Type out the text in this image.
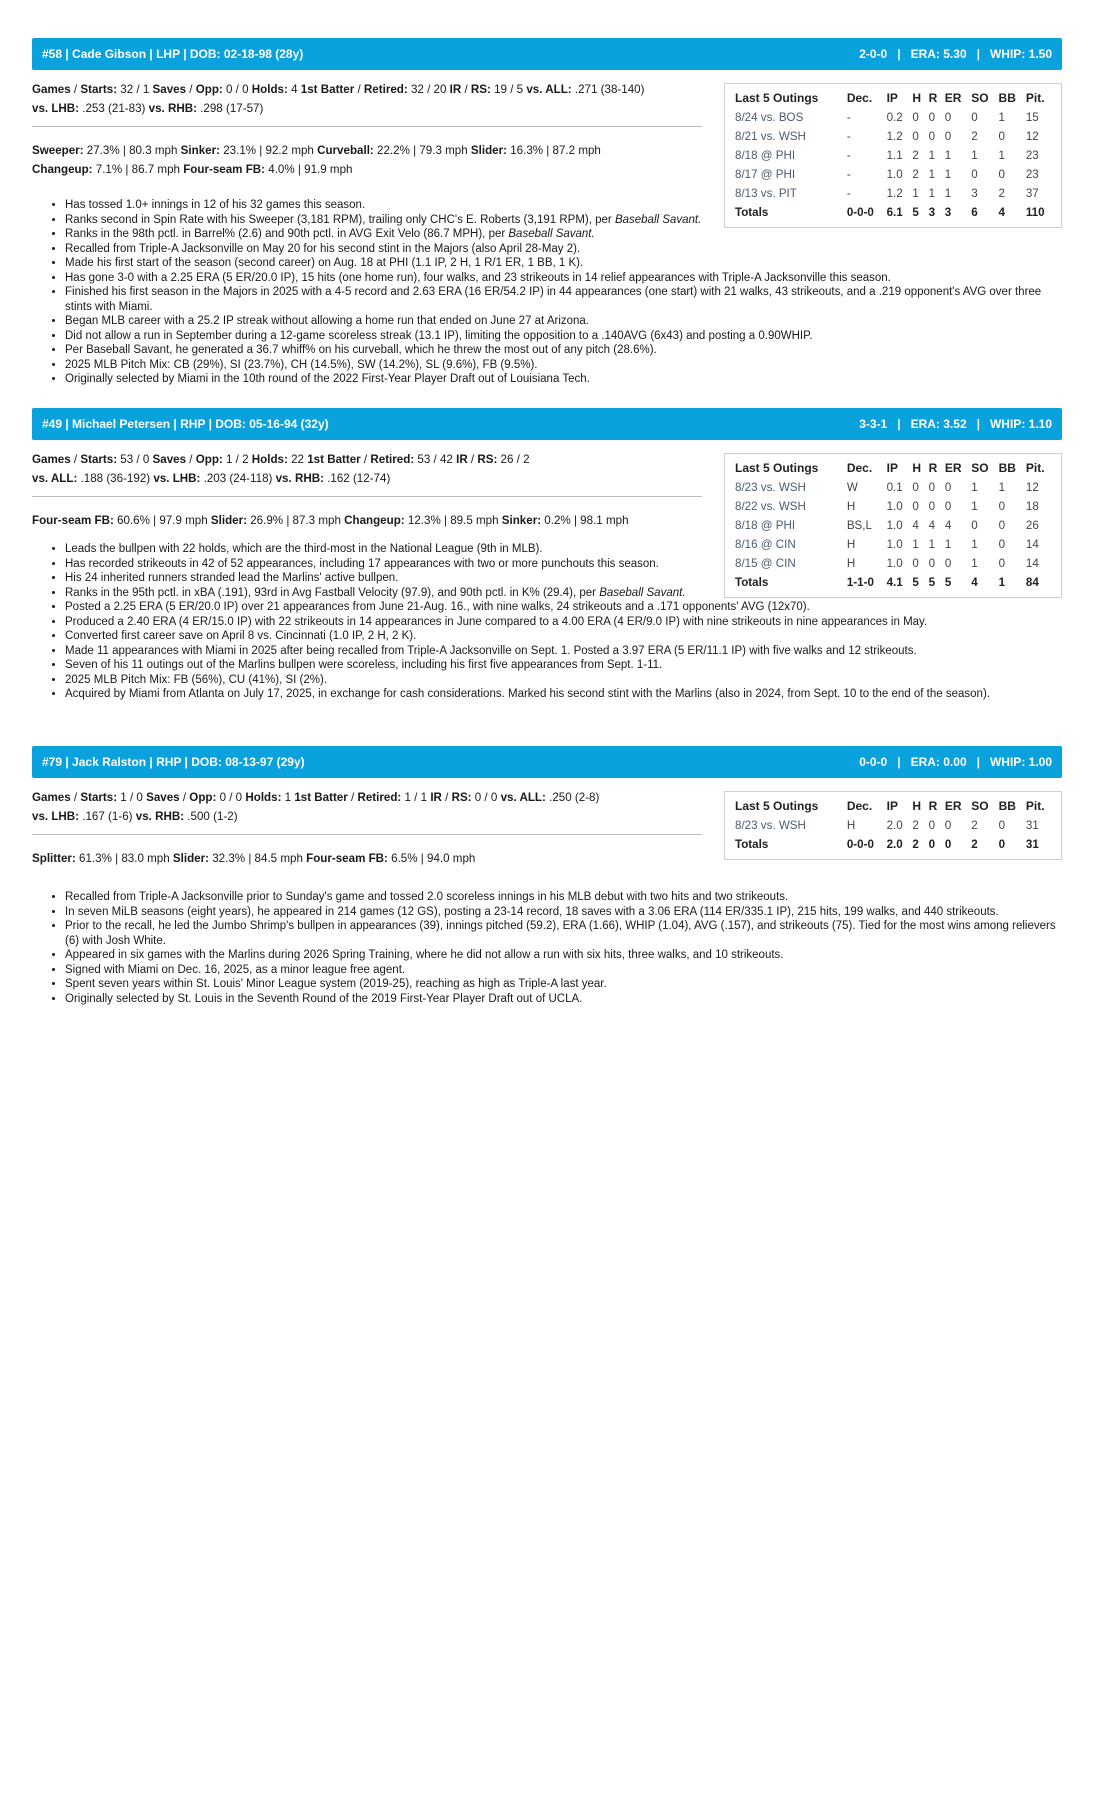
#58 | Cade Gibson | LHP | DOB: 02-18-98 (28y)	2-0-0 | ERA: 5.30 | WHIP: 1.50
Games / Starts: 32 / 1 Saves / Opp: 0 / 0 Holds: 4 1st Batter / Retired: 32 / 20 IR / RS: 19 / 5 vs. ALL: .271 (38-140)
vs. LHB: .253 (21-83) vs. RHB: .298 (17-57)
Sweeper: 27.3% | 80.3 mph Sinker: 23.1% | 92.2 mph Curveball: 22.2% | 79.3 mph Slider: 16.3% | 87.2 mph
Changeup: 7.1% | 86.7 mph Four-seam FB: 4.0% | 91.9 mph
Last 5 Outings	Dec.	IP	H	R	ER	SO	BB	Pit.
8/24 vs. BOS	-	0.2	0	0	0	0	1	15
8/21 vs. WSH	-	1.2	0	0	0	2	0	12
8/18 @ PHI	-	1.1	2	1	1	1	1	23
8/17 @ PHI	-	1.0	2	1	1	0	0	23
8/13 vs. PIT	-	1.2	1	1	1	3	2	37
Totals	0-0-0	6.1	5	3	3	6	4	110
• Has tossed 1.0+ innings in 12 of his 32 games this season.
• Ranks second in Spin Rate with his Sweeper (3,181 RPM), trailing only CHC's E. Roberts (3,191 RPM), per Baseball Savant.
• Ranks in the 98th pctl. in Barrel% (2.6) and 90th pctl. in AVG Exit Velo (86.7 MPH), per Baseball Savant.
• Recalled from Triple-A Jacksonville on May 20 for his second stint in the Majors (also April 28-May 2).
• Made his first start of the season (second career) on Aug. 18 at PHI (1.1 IP, 2 H, 1 R/1 ER, 1 BB, 1 K).
• Has gone 3-0 with a 2.25 ERA (5 ER/20.0 IP), 15 hits (one home run), four walks, and 23 strikeouts in 14 relief appearances with Triple-A Jacksonville this season.
• Finished his first season in the Majors in 2025 with a 4-5 record and 2.63 ERA (16 ER/54.2 IP) in 44 appearances (one start) with 21 walks, 43 strikeouts, and a .219 opponent's AVG over three stints with Miami.
• Began MLB career with a 25.2 IP streak without allowing a home run that ended on June 27 at Arizona.
• Did not allow a run in September during a 12-game scoreless streak (13.1 IP), limiting the opposition to a .140AVG (6x43) and posting a 0.90WHIP.
• Per Baseball Savant, he generated a 36.7 whiff% on his curveball, which he threw the most out of any pitch (28.6%).
• 2025 MLB Pitch Mix: CB (29%), SI (23.7%), CH (14.5%), SW (14.2%), SL (9.6%), FB (9.5%).
• Originally selected by Miami in the 10th round of the 2022 First-Year Player Draft out of Louisiana Tech.
#49 | Michael Petersen | RHP | DOB: 05-16-94 (32y)	3-3-1 | ERA: 3.52 | WHIP: 1.10
Games / Starts: 53 / 0 Saves / Opp: 1 / 2 Holds: 22 1st Batter / Retired: 53 / 42 IR / RS: 26 / 2
vs. ALL: .188 (36-192) vs. LHB: .203 (24-118) vs. RHB: .162 (12-74)
Four-seam FB: 60.6% | 97.9 mph Slider: 26.9% | 87.3 mph Changeup: 12.3% | 89.5 mph Sinker: 0.2% | 98.1 mph
Last 5 Outings	Dec.	IP	H	R	ER	SO	BB	Pit.
8/23 vs. WSH	W	0.1	0	0	0	1	1	12
8/22 vs. WSH	H	1.0	0	0	0	1	0	18
8/18 @ PHI	BS,L	1.0	4	4	4	0	0	26
8/16 @ CIN	H	1.0	1	1	1	1	0	14
8/15 @ CIN	H	1.0	0	0	0	1	0	14
Totals	1-1-0	4.1	5	5	5	4	1	84
• Leads the bullpen with 22 holds, which are the third-most in the National League (9th in MLB).
• Has recorded strikeouts in 42 of 52 appearances, including 17 appearances with two or more punchouts this season.
• His 24 inherited runners stranded lead the Marlins' active bullpen.
• Ranks in the 95th pctl. in xBA (.191), 93rd in Avg Fastball Velocity (97.9), and 90th pctl. in K% (29.4), per Baseball Savant.
• Posted a 2.25 ERA (5 ER/20.0 IP) over 21 appearances from June 21-Aug. 16., with nine walks, 24 strikeouts and a .171 opponents' AVG (12x70).
• Produced a 2.40 ERA (4 ER/15.0 IP) with 22 strikeouts in 14 appearances in June compared to a 4.00 ERA (4 ER/9.0 IP) with nine strikeouts in nine appearances in May.
• Converted first career save on April 8 vs. Cincinnati (1.0 IP, 2 H, 2 K).
• Made 11 appearances with Miami in 2025 after being recalled from Triple-A Jacksonville on Sept. 1. Posted a 3.97 ERA (5 ER/11.1 IP) with five walks and 12 strikeouts.
• Seven of his 11 outings out of the Marlins bullpen were scoreless, including his first five appearances from Sept. 1-11.
• 2025 MLB Pitch Mix: FB (56%), CU (41%), SI (2%).
• Acquired by Miami from Atlanta on July 17, 2025, in exchange for cash considerations. Marked his second stint with the Marlins (also in 2024, from Sept. 10 to the end of the season).
#79 | Jack Ralston | RHP | DOB: 08-13-97 (29y)	0-0-0 | ERA: 0.00 | WHIP: 1.00
Games / Starts: 1 / 0 Saves / Opp: 0 / 0 Holds: 1 1st Batter / Retired: 1 / 1 IR / RS: 0 / 0 vs. ALL: .250 (2-8)
vs. LHB: .167 (1-6) vs. RHB: .500 (1-2)
Splitter: 61.3% | 83.0 mph Slider: 32.3% | 84.5 mph Four-seam FB: 6.5% | 94.0 mph
Last 5 Outings	Dec.	IP	H	R	ER	SO	BB	Pit.
8/23 vs. WSH	H	2.0	2	0	0	2	0	31
Totals	0-0-0	2.0	2	0	0	2	0	31
• Recalled from Triple-A Jacksonville prior to Sunday's game and tossed 2.0 scoreless innings in his MLB debut with two hits and two strikeouts.
• In seven MiLB seasons (eight years), he appeared in 214 games (12 GS), posting a 23-14 record, 18 saves with a 3.06 ERA (114 ER/335.1 IP), 215 hits, 199 walks, and 440 strikeouts.
• Prior to the recall, he led the Jumbo Shrimp's bullpen in appearances (39), innings pitched (59.2), ERA (1.66), WHIP (1.04), AVG (.157), and strikeouts (75). Tied for the most wins among relievers (6) with Josh White.
• Appeared in six games with the Marlins during 2026 Spring Training, where he did not allow a run with six hits, three walks, and 10 strikeouts.
• Signed with Miami on Dec. 16, 2025, as a minor league free agent.
• Spent seven years within St. Louis' Minor League system (2019-25), reaching as high as Triple-A last year.
• Originally selected by St. Louis in the Seventh Round of the 2019 First-Year Player Draft out of UCLA.
